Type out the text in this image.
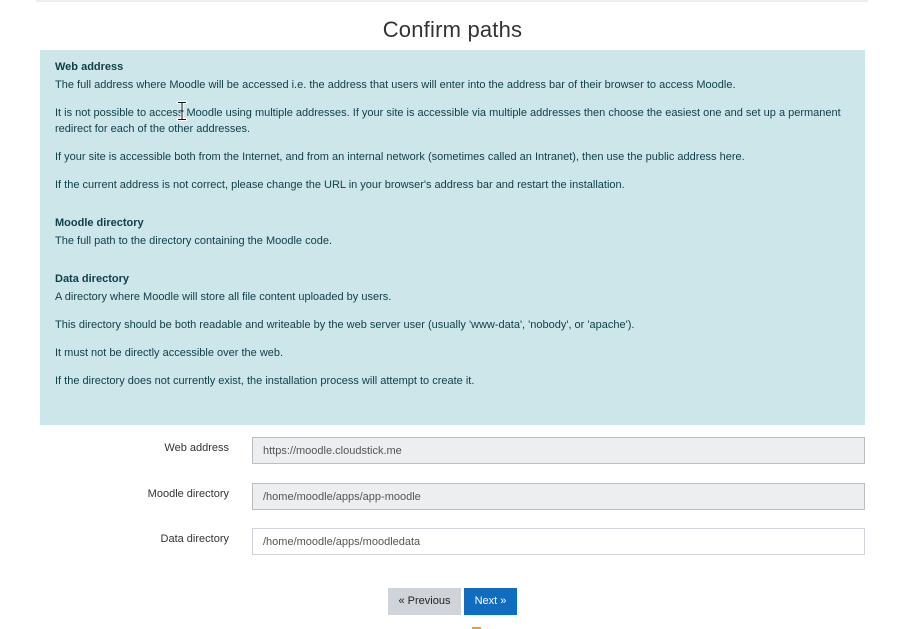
Confirm paths
Web address

The full address where Moodle will be accessed i.e. the address that users will enter into the address bar of their browser to access Moodle.

It is not possible to access Moodle using multiple addresses. If your site is accessible via multiple addresses then choose the easiest one and set up a permanent redirect for each of the other addresses.

If your site is accessible both from the Internet, and from an internal network (sometimes called an Intranet), then use the public address here.

If the current address is not correct, please change the URL in your browser's address bar and restart the installation.

Moodle directory

The full path to the directory containing the Moodle code.

Data directory

A directory where Moodle will store all file content uploaded by users.

This directory should be both readable and writeable by the web server user (usually 'www-data', 'nobody', or 'apache').

It must not be directly accessible over the web.

If the directory does not currently exist, the installation process will attempt to create it.

Web address
https://moodle.cloudstick.me
Moodle directory
/home/moodle/apps/app-moodle
Data directory
/home/moodle/apps/moodledata
« Previous	Next »
